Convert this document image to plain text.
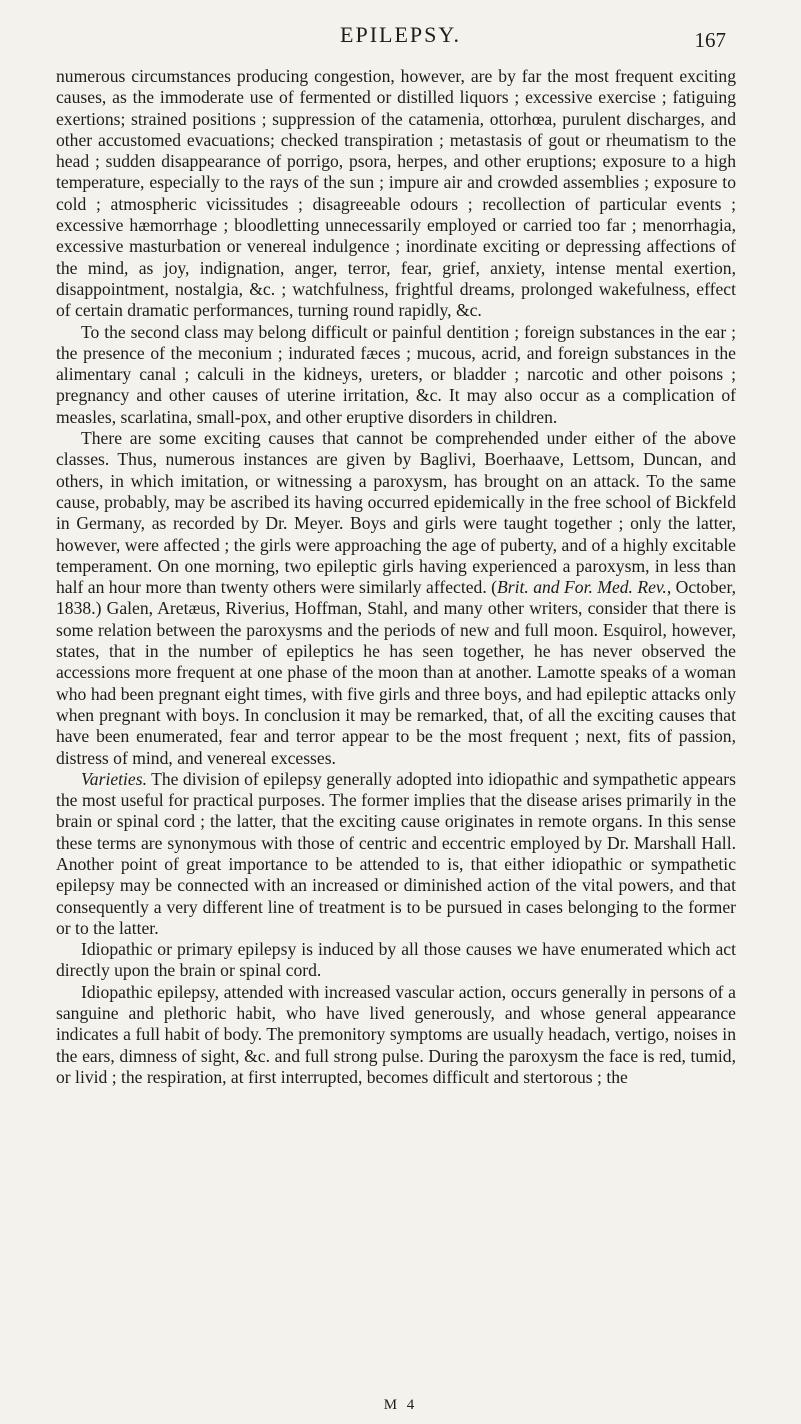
EPILEPSY.	167

numerous circumstances producing congestion, however, are by far the most frequent exciting causes, as the immoderate use of fermented or distilled liquors ; excessive exercise ; fatiguing exertions; strained positions ; suppression of the catamenia, ottorhœa, purulent discharges, and other accustomed evacuations; checked transpiration ; metastasis of gout or rheumatism to the head ; sudden disappearance of porrigo, psora, herpes, and other eruptions; exposure to a high temperature, especially to the rays of the sun ; impure air and crowded assemblies ; exposure to cold ; atmospheric vicissitudes ; disagreeable odours ; recollection of particular events ; excessive hæmorrhage ; bloodletting unnecessarily employed or carried too far ; menorrhagia, excessive masturbation or venereal indulgence ; inordinate exciting or depressing affections of the mind, as joy, indignation, anger, terror, fear, grief, anxiety, intense mental exertion, disappointment, nostalgia, &c. ; watchfulness, frightful dreams, prolonged wakefulness, effect of certain dramatic performances, turning round rapidly, &c.

To the second class may belong difficult or painful dentition ; foreign substances in the ear ; the presence of the meconium ; indurated fæces ; mucous, acrid, and foreign substances in the alimentary canal ; calculi in the kidneys, ureters, or bladder ; narcotic and other poisons ; pregnancy and other causes of uterine irritation, &c. It may also occur as a complication of measles, scarlatina, small-pox, and other eruptive disorders in children.

There are some exciting causes that cannot be comprehended under either of the above classes. Thus, numerous instances are given by Baglivi, Boerhaave, Lettsom, Duncan, and others, in which imitation, or witnessing a paroxysm, has brought on an attack. To the same cause, probably, may be ascribed its having occurred epidemically in the free school of Bickfeld in Germany, as recorded by Dr. Meyer. Boys and girls were taught together ; only the latter, however, were affected ; the girls were approaching the age of puberty, and of a highly excitable temperament. On one morning, two epileptic girls having experienced a paroxysm, in less than half an hour more than twenty others were similarly affected. (Brit. and For. Med. Rev., October, 1838.) Galen, Aretæus, Riverius, Hoffman, Stahl, and many other writers, consider that there is some relation between the paroxysms and the periods of new and full moon. Esquirol, however, states, that in the number of epileptics he has seen together, he has never observed the accessions more frequent at one phase of the moon than at another. Lamotte speaks of a woman who had been pregnant eight times, with five girls and three boys, and had epileptic attacks only when pregnant with boys. In conclusion it may be remarked, that, of all the exciting causes that have been enumerated, fear and terror appear to be the most frequent ; next, fits of passion, distress of mind, and venereal excesses.

Varieties. The division of epilepsy generally adopted into idiopathic and sympathetic appears the most useful for practical purposes. The former implies that the disease arises primarily in the brain or spinal cord ; the latter, that the exciting cause originates in remote organs. In this sense these terms are synonymous with those of centric and eccentric employed by Dr. Marshall Hall. Another point of great importance to be attended to is, that either idiopathic or sympathetic epilepsy may be connected with an increased or diminished action of the vital powers, and that consequently a very different line of treatment is to be pursued in cases belonging to the former or to the latter.

Idiopathic or primary epilepsy is induced by all those causes we have enumerated which act directly upon the brain or spinal cord.

Idiopathic epilepsy, attended with increased vascular action, occurs generally in persons of a sanguine and plethoric habit, who have lived generously, and whose general appearance indicates a full habit of body. The premonitory symptoms are usually headach, vertigo, noises in the ears, dimness of sight, &c. and full strong pulse. During the paroxysm the face is red, tumid, or livid ; the respiration, at first interrupted, becomes difficult and stertorous ; the

M 4
